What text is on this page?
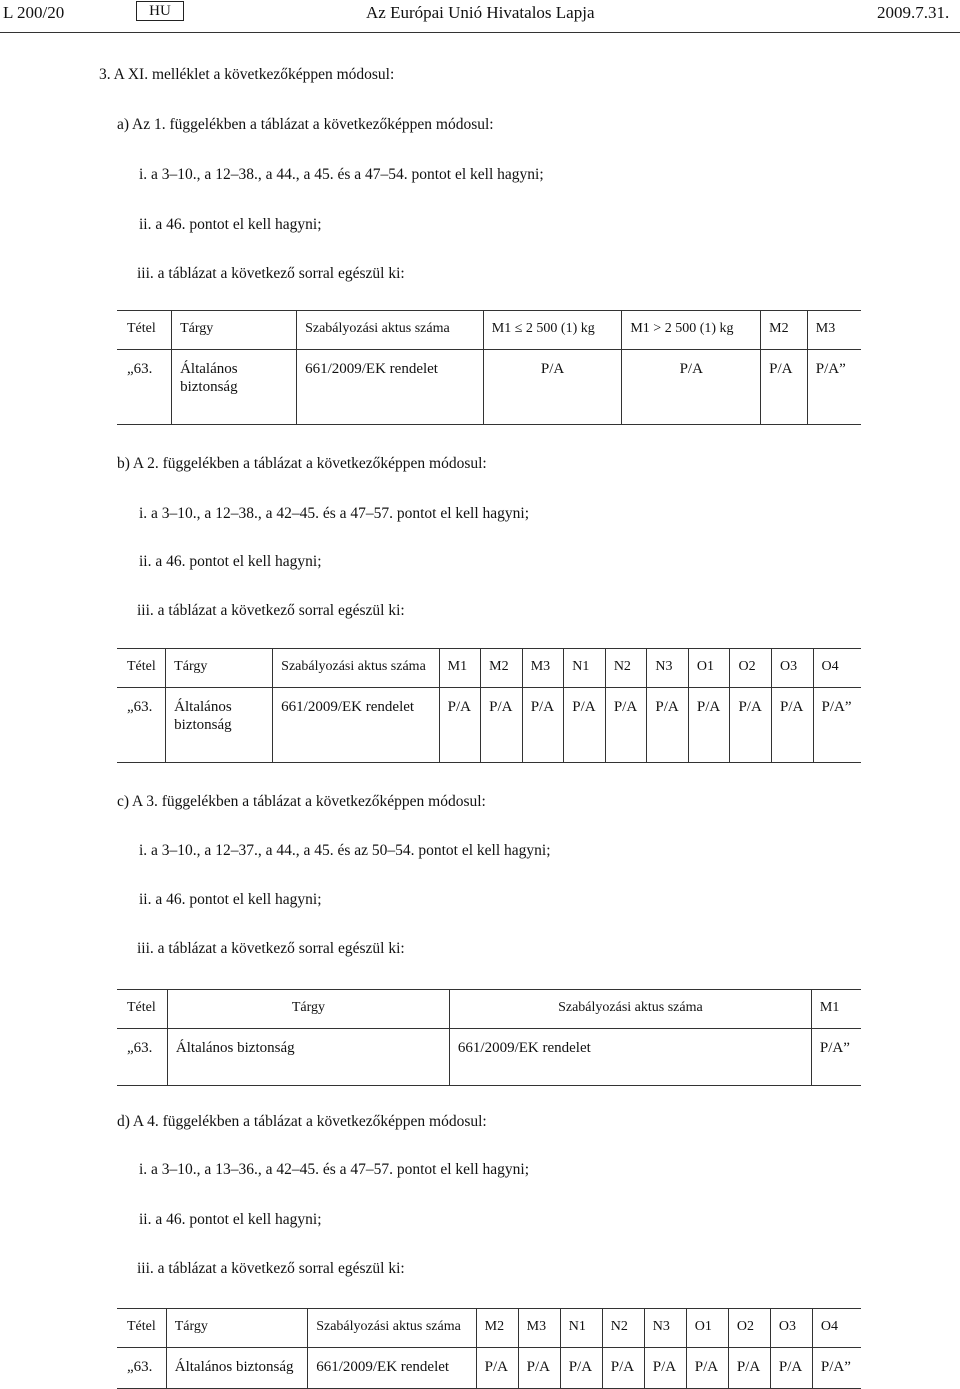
L 200/20	HU	Az Európai Unió Hivatalos Lapja	2009.7.31.
3. A XI. melléklet a következőképpen módosul:
a) Az 1. függelékben a táblázat a következőképpen módosul:
i. a 3–10., a 12–38., a 44., a 45. és a 47–54. pontot el kell hagyni;
ii. a 46. pontot el kell hagyni;
iii. a táblázat a következő sorral egészül ki:
Tétel	Tárgy	Szabályozási aktus száma	M1 ≤ 2 500 (1) kg	M1 > 2 500 (1) kg	M2	M3
„63.	Általános biztonság	661/2009/EK rendelet	P/A	P/A	P/A	P/A”
b) A 2. függelékben a táblázat a következőképpen módosul:
i. a 3–10., a 12–38., a 42–45. és a 47–57. pontot el kell hagyni;
ii. a 46. pontot el kell hagyni;
iii. a táblázat a következő sorral egészül ki:
Tétel	Tárgy	Szabályozási aktus száma	M1	M2	M3	N1	N2	N3	O1	O2	O3	O4
„63.	Általános biztonság	661/2009/EK rendelet	P/A	P/A	P/A	P/A	P/A	P/A	P/A	P/A	P/A	P/A”
c) A 3. függelékben a táblázat a következőképpen módosul:
i. a 3–10., a 12–37., a 44., a 45. és az 50–54. pontot el kell hagyni;
ii. a 46. pontot el kell hagyni;
iii. a táblázat a következő sorral egészül ki:
Tétel	Tárgy	Szabályozási aktus száma	M1
„63.	Általános biztonság	661/2009/EK rendelet	P/A”
d) A 4. függelékben a táblázat a következőképpen módosul:
i. a 3–10., a 13–36., a 42–45. és a 47–57. pontot el kell hagyni;
ii. a 46. pontot el kell hagyni;
iii. a táblázat a következő sorral egészül ki:
Tétel	Tárgy	Szabályozási aktus száma	M2	M3	N1	N2	N3	O1	O2	O3	O4
„63.	Általános biztonság	661/2009/EK rendelet	P/A	P/A	P/A	P/A	P/A	P/A	P/A	P/A	P/A”
